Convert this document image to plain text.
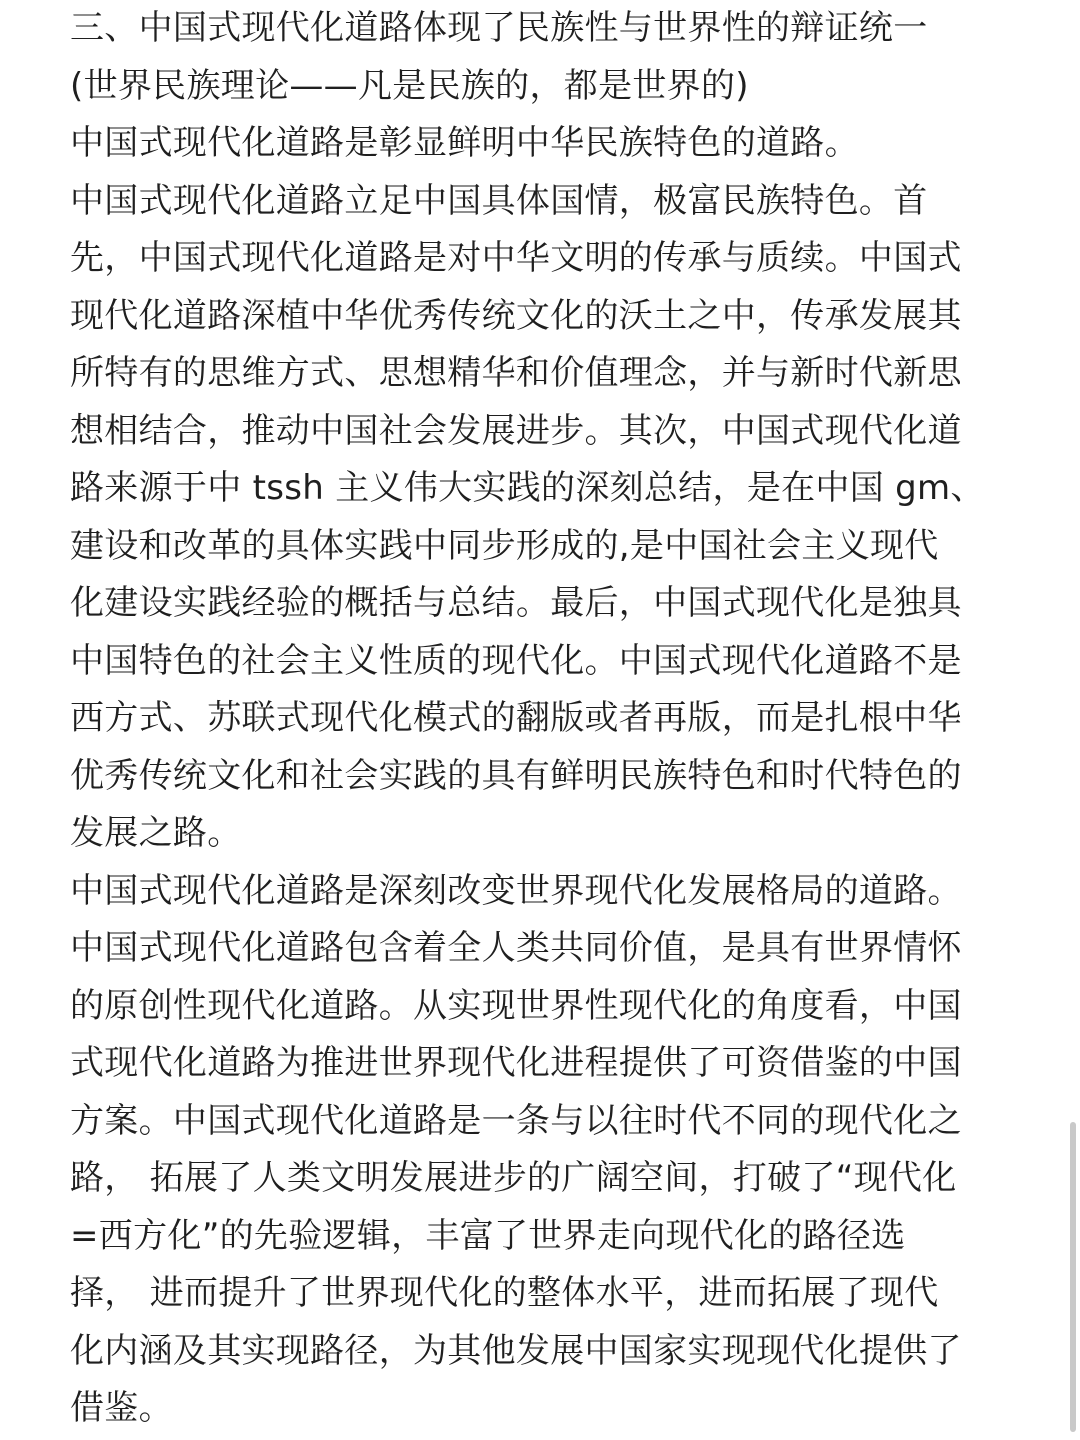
三、中国式现代化道路体现了民族性与世界性的辩证统一
(世界民族理论——凡是民族的，都是世界的)
中国式现代化道路是彰显鲜明中华民族特色的道路。
中国式现代化道路立足中国具体国情，极富民族特色。首
先，中国式现代化道路是对中华文明的传承与质续。中国式
现代化道路深植中华优秀传统文化的沃土之中，传承发展其
所特有的思维方式、思想精华和价值理念，并与新时代新思
想相结合，推动中国社会发展进步。其次，中国式现代化道
路来源于中 tssh 主义伟大实践的深刻总结，是在中国 gm、
建设和改革的具体实践中同步形成的,是中国社会主义现代
化建设实践经验的概括与总结。最后，中国式现代化是独具
中国特色的社会主义性质的现代化。中国式现代化道路不是
西方式、苏联式现代化模式的翻版或者再版，而是扎根中华
优秀传统文化和社会实践的具有鲜明民族特色和时代特色的
发展之路。
中国式现代化道路是深刻改变世界现代化发展格局的道路。
中国式现代化道路包含着全人类共同价值，是具有世界情怀
的原创性现代化道路。从实现世界性现代化的角度看，中国
式现代化道路为推进世界现代化进程提供了可资借鉴的中国
方案。中国式现代化道路是一条与以往时代不同的现代化之
路， 拓展了人类文明发展进步的广阔空间，打破了“现代化
=西方化”的先验逻辑，丰富了世界走向现代化的路径选
择， 进而提升了世界现代化的整体水平，进而拓展了现代
化内涵及其实现路径，为其他发展中国家实现现代化提供了
借鉴。
